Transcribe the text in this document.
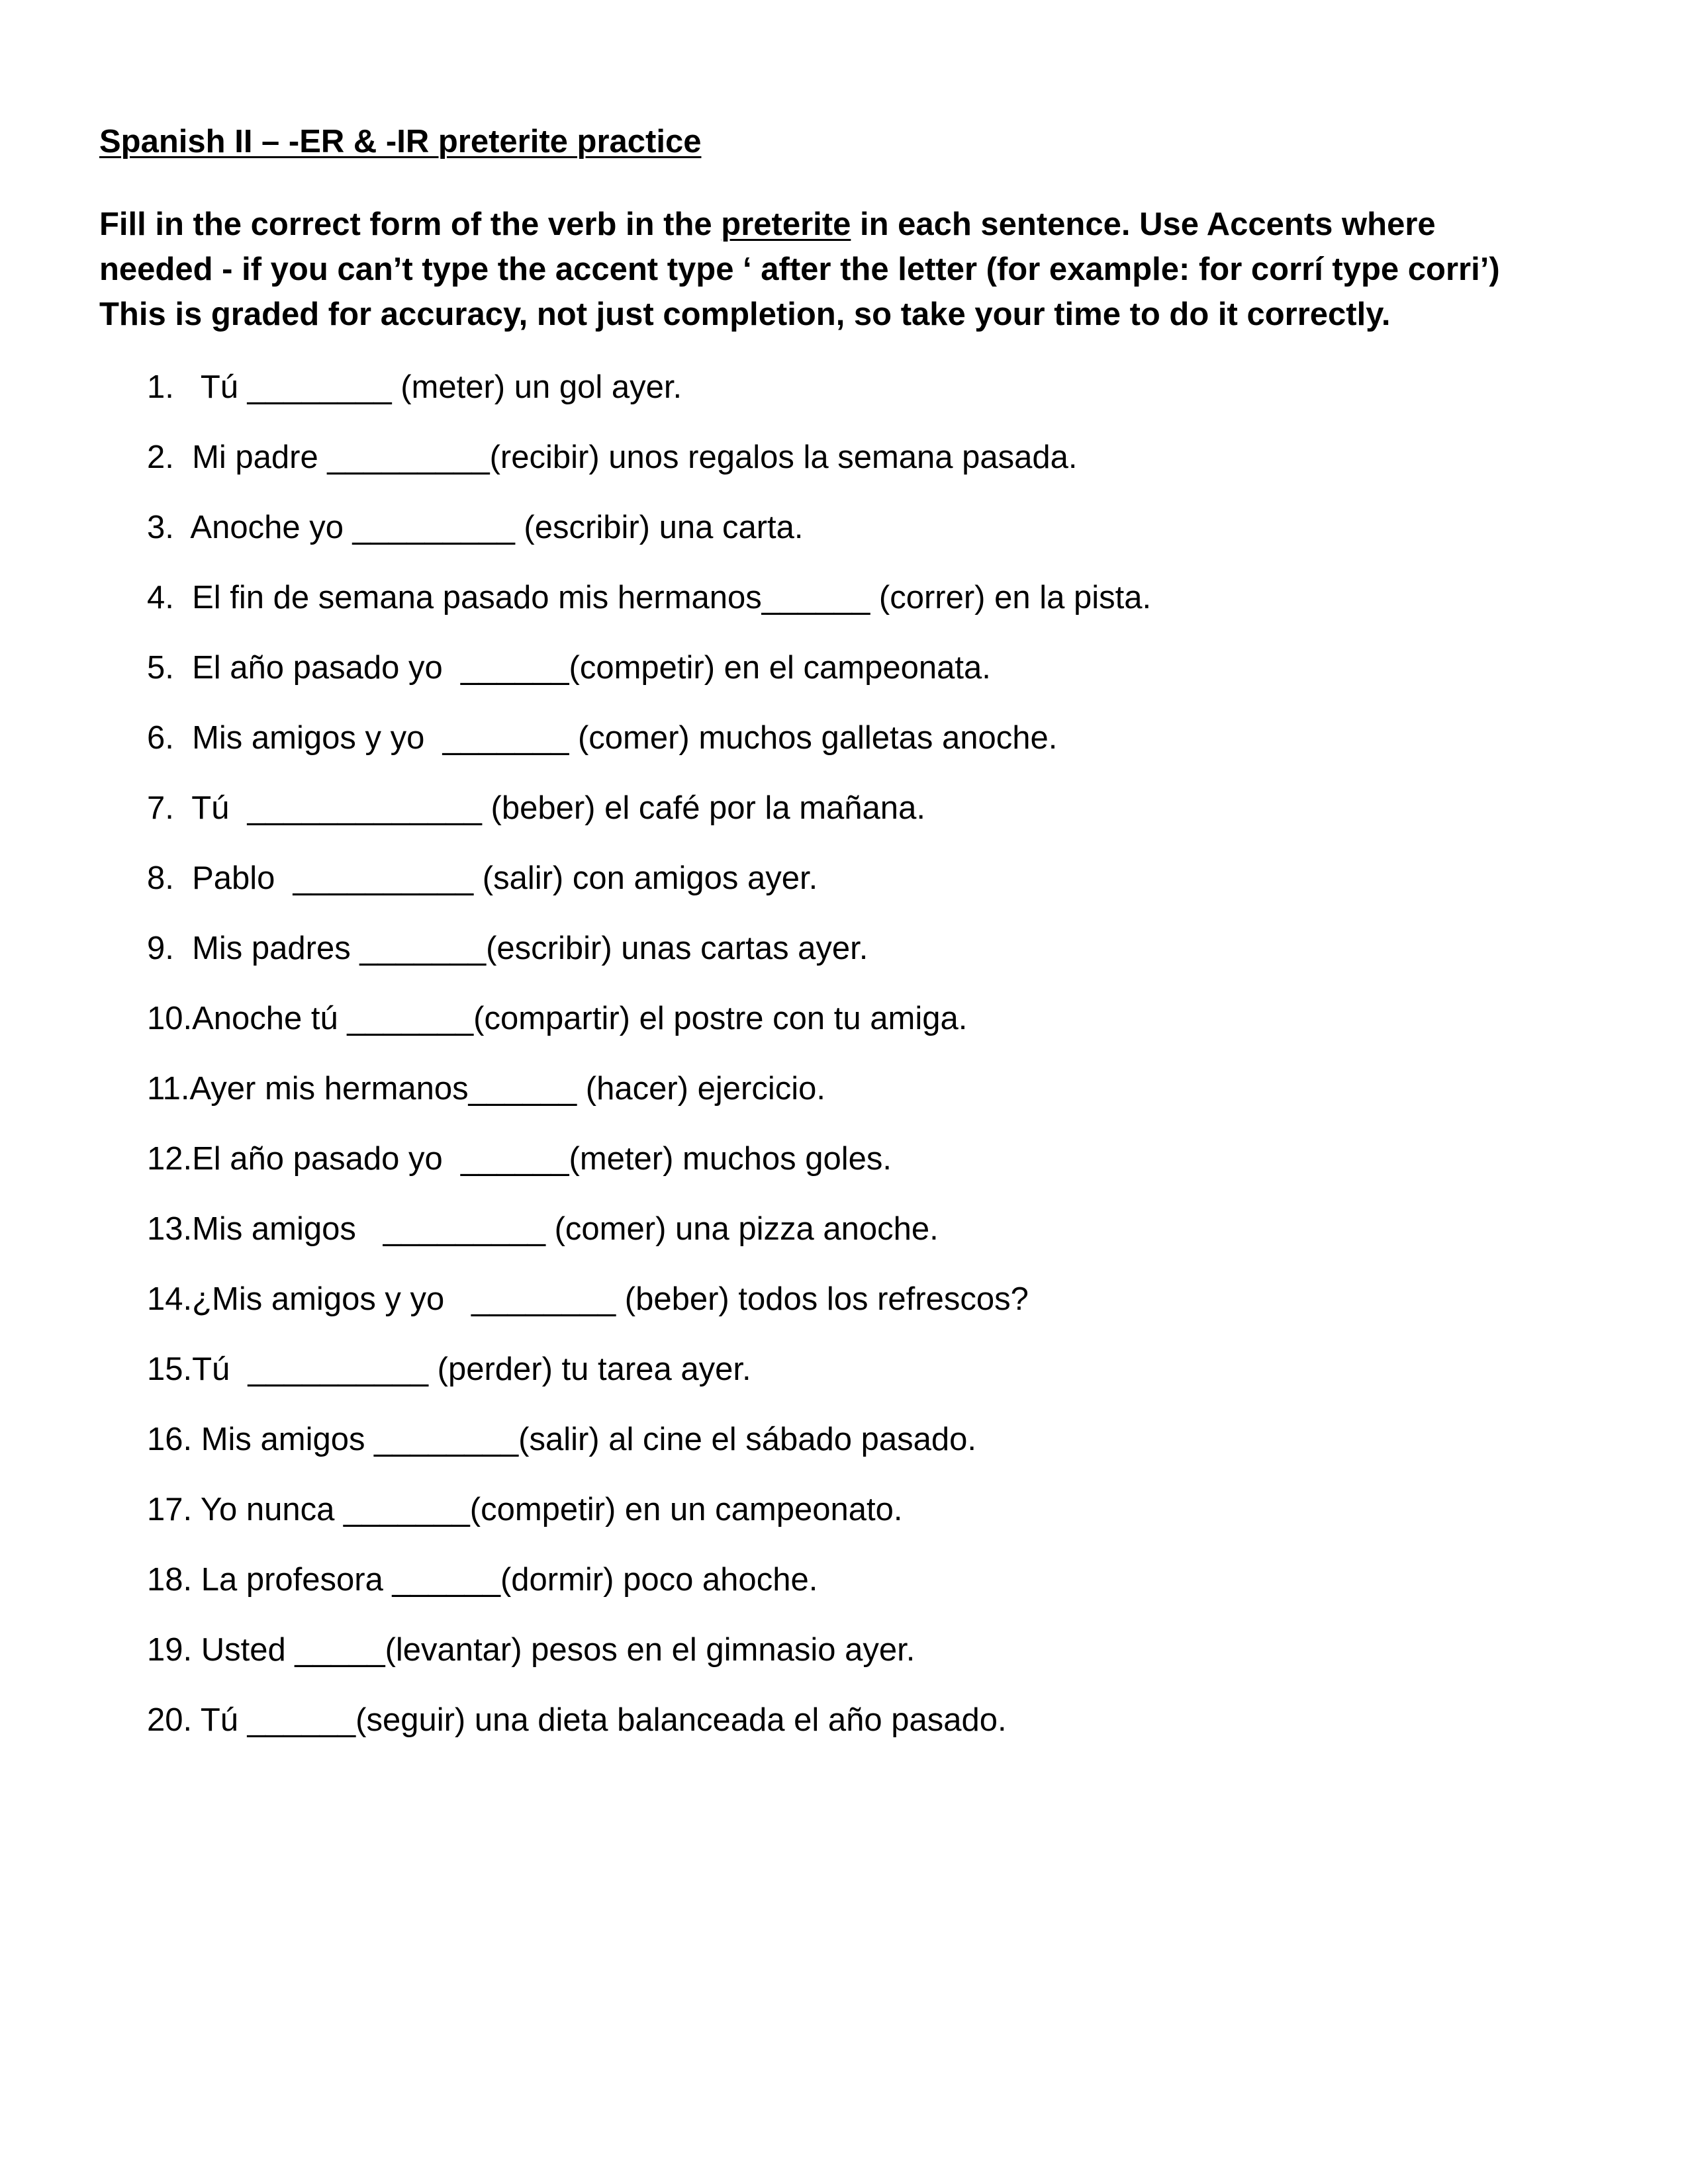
Spanish II – -ER & -IR preterite practice
Fill in the correct form of the verb in the preterite in each sentence. Use Accents where
needed - if you can’t type the accent type ‘ after the letter (for example: for corrí type corri’)
This is graded for accuracy, not just completion, so take your time to do it correctly.
1.   Tú ________ (meter) un gol ayer.
2.  Mi padre _________(recibir) unos regalos la semana pasada.
3.  Anoche yo _________ (escribir) una carta.
4.  El fin de semana pasado mis hermanos______ (correr) en la pista.
5.  El año pasado yo  ______(competir) en el campeonata.
6.  Mis amigos y yo  _______ (comer) muchos galletas anoche.
7.  Tú  _____________ (beber) el café por la mañana.
8.  Pablo  __________ (salir) con amigos ayer.
9.  Mis padres _______(escribir) unas cartas ayer.
10.Anoche tú _______(compartir) el postre con tu amiga.
11.Ayer mis hermanos______ (hacer) ejercicio.
12.El año pasado yo  ______(meter) muchos goles.
13.Mis amigos   _________ (comer) una pizza anoche.
14.¿Mis amigos y yo   ________ (beber) todos los refrescos?
15.Tú  __________ (perder) tu tarea ayer.
16. Mis amigos ________(salir) al cine el sábado pasado.
17. Yo nunca _______(competir) en un campeonato.
18. La profesora ______(dormir) poco ahoche.
19. Usted _____(levantar) pesos en el gimnasio ayer.
20. Tú ______(seguir) una dieta balanceada el año pasado.
